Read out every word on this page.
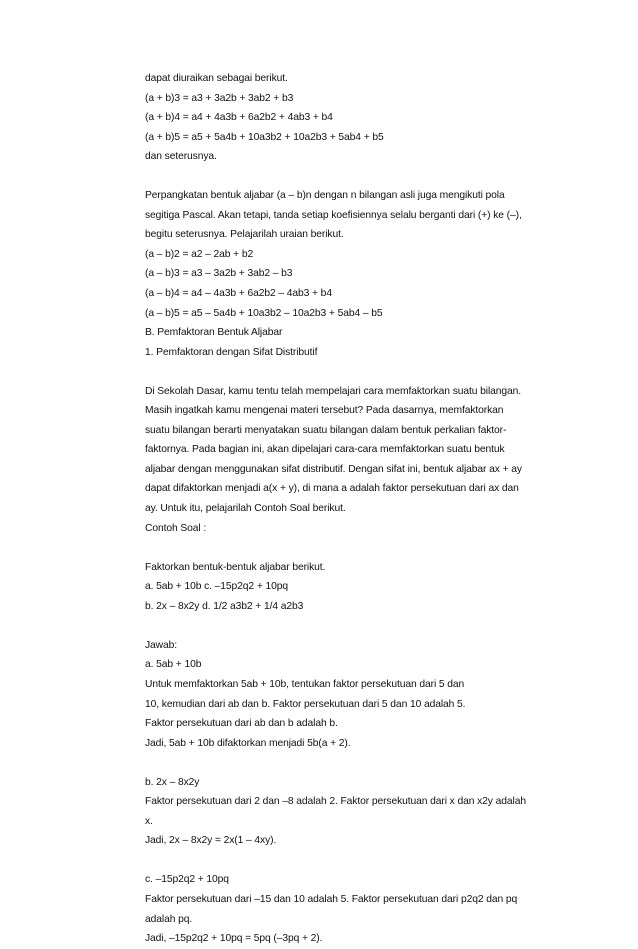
dapat diuraikan sebagai berikut.
(a + b)3 = a3 + 3a2b + 3ab2 + b3
(a + b)4 = a4 + 4a3b + 6a2b2 + 4ab3 + b4
(a + b)5 = a5 + 5a4b + 10a3b2 + 10a2b3 + 5ab4 + b5
dan seterusnya.
Perpangkatan bentuk aljabar (a – b)n dengan n bilangan asli juga mengikuti pola
segitiga Pascal. Akan tetapi, tanda setiap koefisiennya selalu berganti dari (+) ke (–),
begitu seterusnya. Pelajarilah uraian berikut.
(a – b)2 = a2 – 2ab + b2
(a – b)3 = a3 – 3a2b + 3ab2 – b3
(a – b)4 = a4 – 4a3b + 6a2b2 – 4ab3 + b4
(a – b)5 = a5 – 5a4b + 10a3b2 – 10a2b3 + 5ab4 – b5
B. Pemfaktoran Bentuk Aljabar
1. Pemfaktoran dengan Sifat Distributif
Di Sekolah Dasar, kamu tentu telah mempelajari cara memfaktorkan suatu bilangan.
Masih ingatkah kamu mengenai materi tersebut? Pada dasarnya, memfaktorkan
suatu bilangan berarti menyatakan suatu bilangan dalam bentuk perkalian faktor-
faktornya. Pada bagian ini, akan dipelajari cara-cara memfaktorkan suatu bentuk
aljabar dengan menggunakan sifat distributif. Dengan sifat ini, bentuk aljabar ax + ay
dapat difaktorkan menjadi a(x + y), di mana a adalah faktor persekutuan dari ax dan
ay. Untuk itu, pelajarilah Contoh Soal berikut.
Contoh Soal :
Faktorkan bentuk-bentuk aljabar berikut.
a. 5ab + 10b c. –15p2q2 + 10pq
b. 2x – 8x2y d. 1/2 a3b2 + 1/4 a2b3
Jawab:
a. 5ab + 10b
Untuk memfaktorkan 5ab + 10b, tentukan faktor persekutuan dari 5 dan
10, kemudian dari ab dan b. Faktor persekutuan dari 5 dan 10 adalah 5.
Faktor persekutuan dari ab dan b adalah b.
Jadi, 5ab + 10b difaktorkan menjadi 5b(a + 2).
b. 2x – 8x2y
Faktor persekutuan dari 2 dan –8 adalah 2. Faktor persekutuan dari x dan x2y adalah
x.
Jadi, 2x – 8x2y = 2x(1 – 4xy).
c. –15p2q2 + 10pq
Faktor persekutuan dari –15 dan 10 adalah 5. Faktor persekutuan dari p2q2 dan pq
adalah pq.
Jadi, –15p2q2 + 10pq = 5pq (–3pq + 2).
